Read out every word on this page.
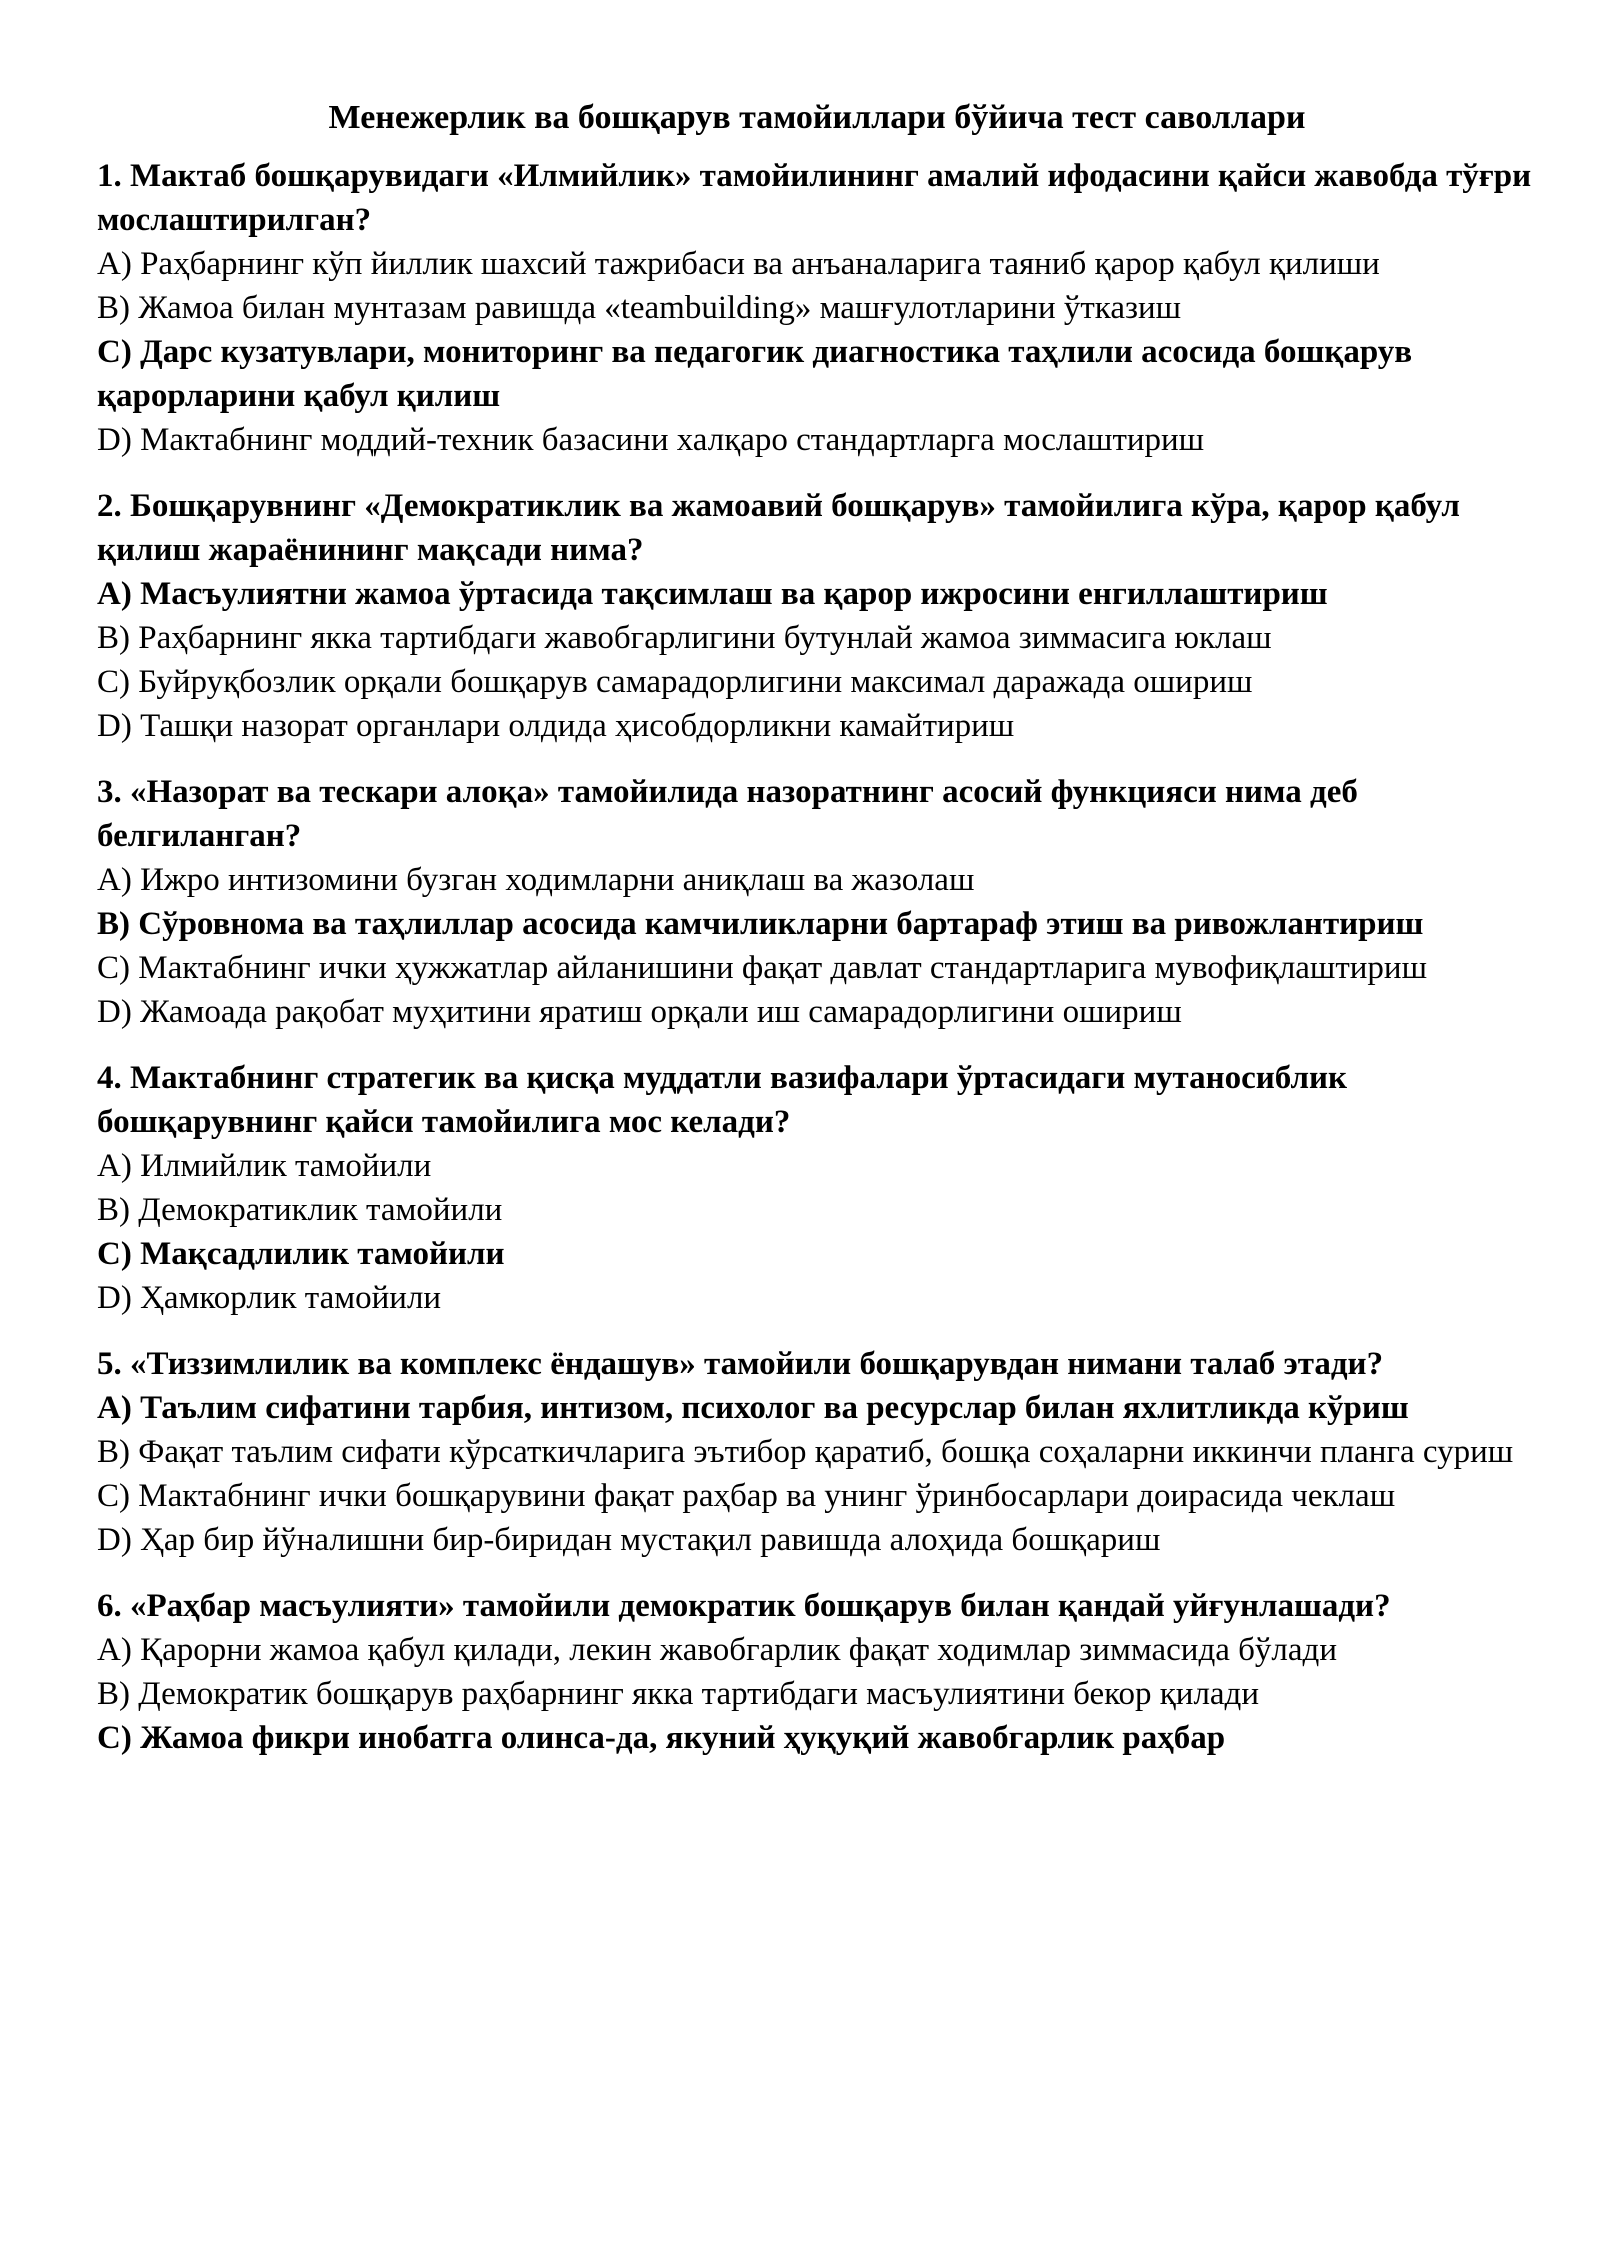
Менежерлик ва бошқарув тамойиллари бўйича тест саволлари
1. Мактаб бошқарувидаги «Илмийлик» тамойилининг амалий ифодасини қайси жавобда тўғри мослаштирилган?
A) Раҳбарнинг кўп йиллик шахсий тажрибаси ва анъаналарига таяниб қарор қабул қилиши
B) Жамоа билан мунтазам равишда «teambuilding» машғулотларини ўтказиш
C) Дарс кузатувлари, мониторинг ва педагогик диагностика таҳлили асосида бошқарув қарорларини қабул қилиш
D) Мактабнинг моддий-техник базасини халқаро стандартларга мослаштириш
2. Бошқарувнинг «Демократиклик ва жамоавий бошқарув» тамойилига кўра, қарор қабул қилиш жараёнининг мақсади нима?
A) Масъулиятни жамоа ўртасида тақсимлаш ва қарор ижросини енгиллаштириш
B) Раҳбарнинг якка тартибдаги жавобгарлигини бутунлай жамоа зиммасига юклаш
C) Буйруқбозлик орқали бошқарув самарадорлигини максимал даражада ошириш
D) Ташқи назорат органлари олдида ҳисобдорликни камайтириш
3. «Назорат ва тескари алоқа» тамойилида назоратнинг асосий функцияси нима деб белгиланган?
A) Ижро интизомини бузган ходимларни аниқлаш ва жазолаш
B) Сўровнома ва таҳлиллар асосида камчиликларни бартараф этиш ва ривожлантириш
C) Мактабнинг ички ҳужжатлар айланишини фақат давлат стандартларига мувофиқлаштириш
D) Жамоада рақобат муҳитини яратиш орқали иш самарадорлигини ошириш
4. Мактабнинг стратегик ва қисқа муддатли вазифалари ўртасидаги мутаносиблик бошқарувнинг қайси тамойилига мос келади?
A) Илмийлик тамойили
B) Демократиклик тамойили
C) Мақсадлилик тамойили
D) Ҳамкорлик тамойили
5. «Тиззимлилик ва комплекс ёндашув» тамойили бошқарувдан нимани талаб этади?
A) Таълим сифатини тарбия, интизом, психолог ва ресурслар билан яхлитликда кўриш
B) Фақат таълим сифати кўрсаткичларига эътибор қаратиб, бошқа соҳаларни иккинчи планга суриш
C) Мактабнинг ички бошқарувини фақат раҳбар ва унинг ўринбосарлари доирасида чеклаш
D) Ҳар бир йўналишни бир-биридан мустақил равишда алоҳида бошқариш
6. «Раҳбар масъулияти» тамойили демократик бошқарув билан қандай уйғунлашади?
A) Қарорни жамоа қабул қилади, лекин жавобгарлик фақат ходимлар зиммасида бўлади
B) Демократик бошқарув раҳбарнинг якка тартибдаги масъулиятини бекор қилади
C) Жамоа фикри инобатга олинса-да, якуний ҳуқуқий жавобгарлик раҳбар
